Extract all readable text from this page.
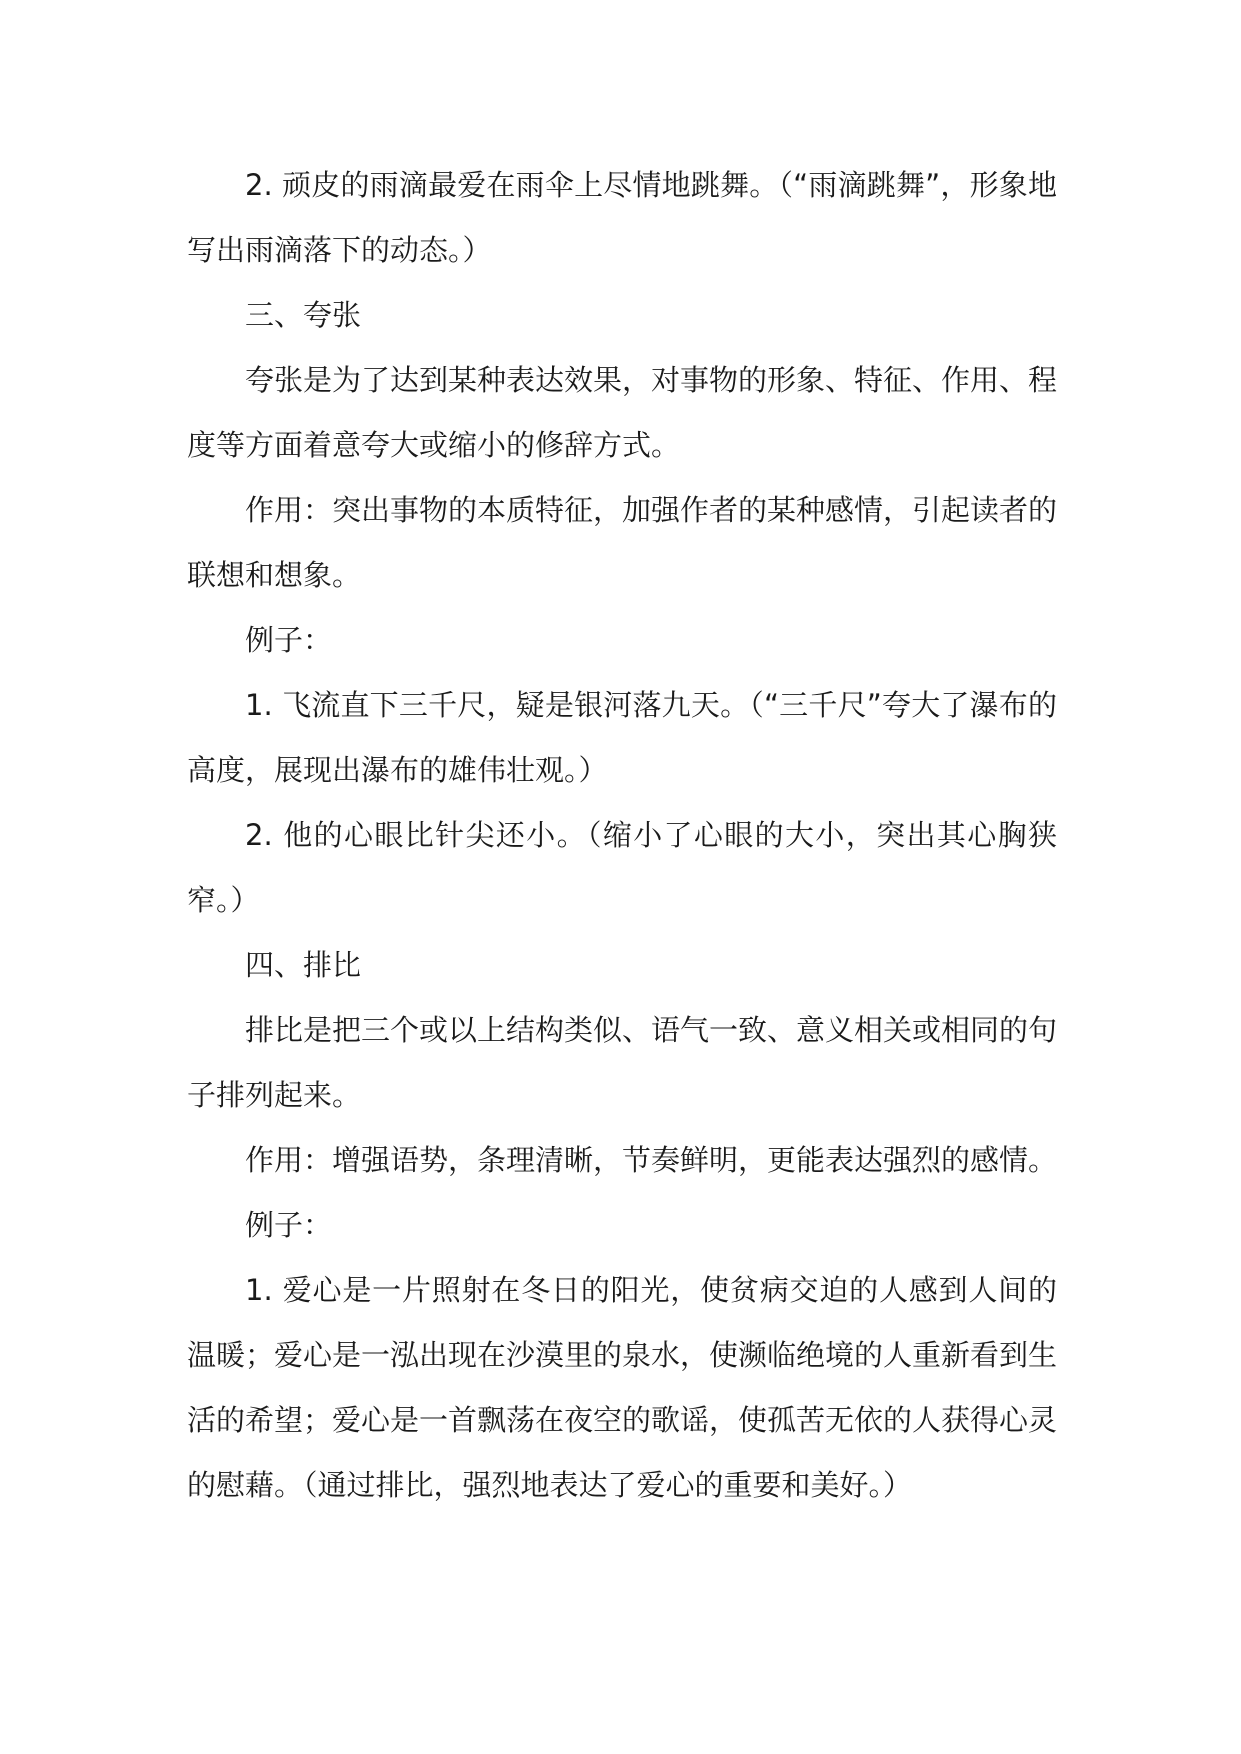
2. 顽皮的雨滴最爱在雨伞上尽情地跳舞。（“雨滴跳舞”，形象地写出雨滴落下的动态。）

三、夸张

夸张是为了达到某种表达效果，对事物的形象、特征、作用、程度等方面着意夸大或缩小的修辞方式。

作用：突出事物的本质特征，加强作者的某种感情，引起读者的联想和想象。

例子：

1. 飞流直下三千尺，疑是银河落九天。（“三千尺”夸大了瀑布的高度，展现出瀑布的雄伟壮观。）

2. 他的心眼比针尖还小。（缩小了心眼的大小，突出其心胸狭窄。）

四、排比

排比是把三个或以上结构类似、语气一致、意义相关或相同的句子排列起来。

作用：增强语势，条理清晰，节奏鲜明，更能表达强烈的感情。

例子：

1. 爱心是一片照射在冬日的阳光，使贫病交迫的人感到人间的温暖；爱心是一泓出现在沙漠里的泉水，使濒临绝境的人重新看到生活的希望；爱心是一首飘荡在夜空的歌谣，使孤苦无依的人获得心灵的慰藉。（通过排比，强烈地表达了爱心的重要和美好。）
